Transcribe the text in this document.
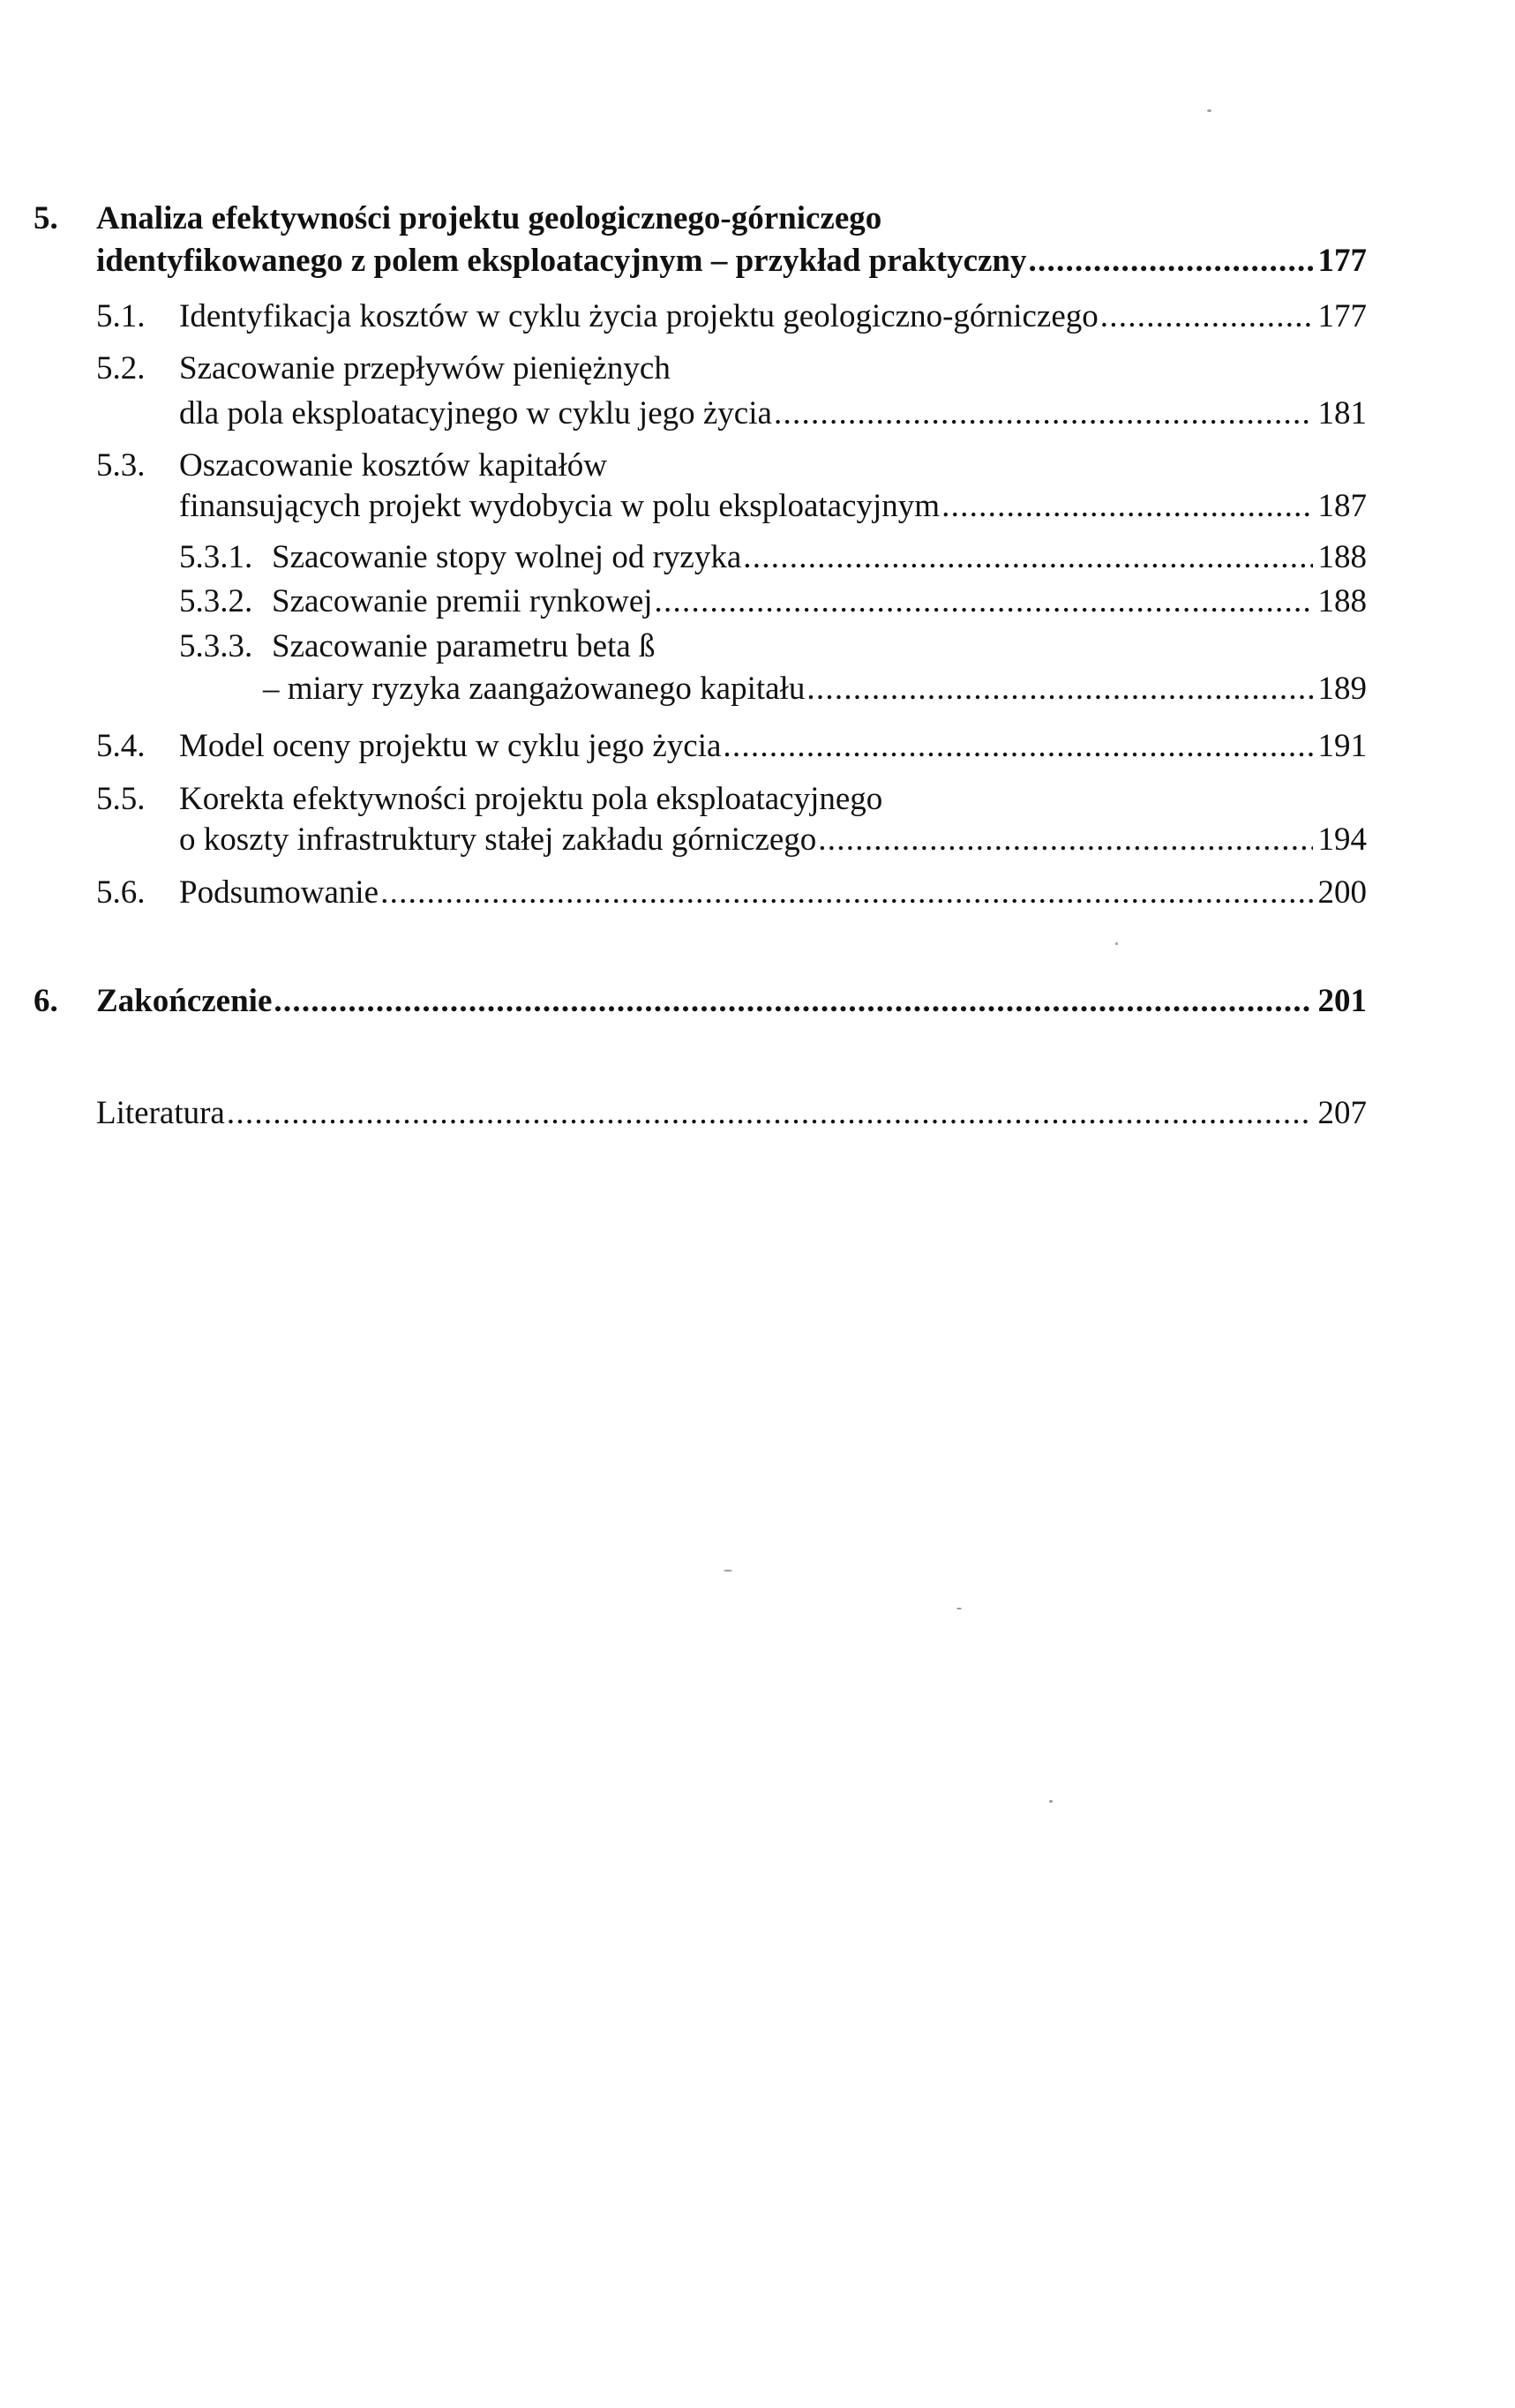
5. Analiza efektywności projektu geologicznego-górniczego
identyfikowanego z polem eksploatacyjnym – przykład praktyczny . . .	177
5.1. Identyfikacja kosztów w cyklu życia projektu geologiczno-górniczego . . .	177
5.2. Szacowanie przepływów pieniężnych
dla pola eksploatacyjnego w cyklu jego życia . . .	181
5.3. Oszacowanie kosztów kapitałów
finansujących projekt wydobycia w polu eksploatacyjnym . . .	187
5.3.1. Szacowanie stopy wolnej od ryzyka . . .	188
5.3.2. Szacowanie premii rynkowej . . .	188
5.3.3. Szacowanie parametru beta ß
– miary ryzyka zaangażowanego kapitału . . .	189
5.4. Model oceny projektu w cyklu jego życia . . .	191
5.5. Korekta efektywności projektu pola eksploatacyjnego
o koszty infrastruktury stałej zakładu górniczego . . .	194
5.6. Podsumowanie . . .	200
6. Zakończenie . . .	201
Literatura . . .	207
